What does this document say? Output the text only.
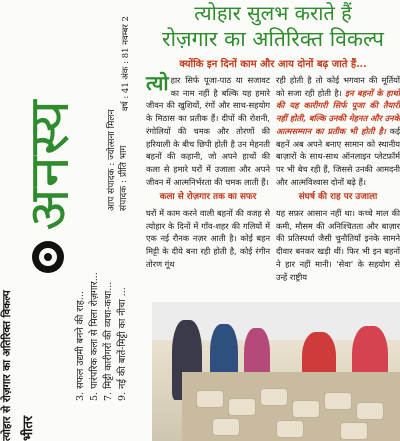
त्योहार से रोज़गार का अतिरिक्त विकल्प भीतर
3. सफल उद्यमी बनने की राह... 5. पारंपरिक कला से मिला रोज़गार... 7. मिट्टी कारीगरों की व्यथा-कथा... 9. नई की बातें-मिट्टी का नीचा ...
अनस्य	आप संपादक : ज्योत्सना मिलन संपादक : प्रीति भाग
वर्ष : 41 अंक : 81 नवम्बर 2
त्योहार सुलभ कराते हैं
रोज़गार का अतिरिक्त विकल्प
क्योंकि इन दिनों काम और आय दोनों बढ़ जाते हैं...
त्यो हार सिर्फ पूजा-पाठ या सजावट का नाम नहीं है बल्कि यह हमारे जीवन की खुशियों, रंगों और साथ-सहयोग के मिठास का प्रतीक हैं। दीपों की रोशनी, रंगोलियों की चमक और तोरणों की हरियाली के बीच छिपी होती है उन मेहनती बहनों की कहानी, जो अपने हाथों की कला से हमारे घरों में उजाला और अपने जीवन में आत्मनिर्भरता की चमक लाती हैं।
कला से रोज़गार तक का सफर
घरों में काम करने वाली बहनों की वजह से त्योहार के दिनों में गाँव-शहर की गलियों में एक नई रौनक नज़र आती है। कोई बहन मिट्टी के दीये बना रही होती है, कोई रंगीन तोरण गूंथ
रही होती है तो कोई भगवान की मूर्तियों को सजा रही होती है। इन बहनों के हाथों की यह कारीगरी सिर्फ पूजा की तैयारी नहीं होती, बल्कि उनकी मेहनत और उनके आत्मसम्मान का प्रतीक भी होती है। कई बहनें अब अपने बनाए सामान को स्थानीय बाज़ारों के साथ-साथ ऑनलाइन प्लेटफ़ॉर्म पर भी बेच रही हैं, जिससे उनकी आमदनी और आत्मविश्वास दोनों बढ़े हैं।
संघर्ष की राह पर उजाला
यह सफ़र आसान नहीं था। कच्चे माल की कमी, मौसम की अनिश्चितता और बाज़ार की प्रतिस्पर्धा जैसी चुनौतियाँ इनके सामने दीवार बनकर खड़ी थीं। फिर भी इन बहनों ने हार नहीं मानी। 'सेवा' के सहयोग से उन्हें राष्ट्रीय
